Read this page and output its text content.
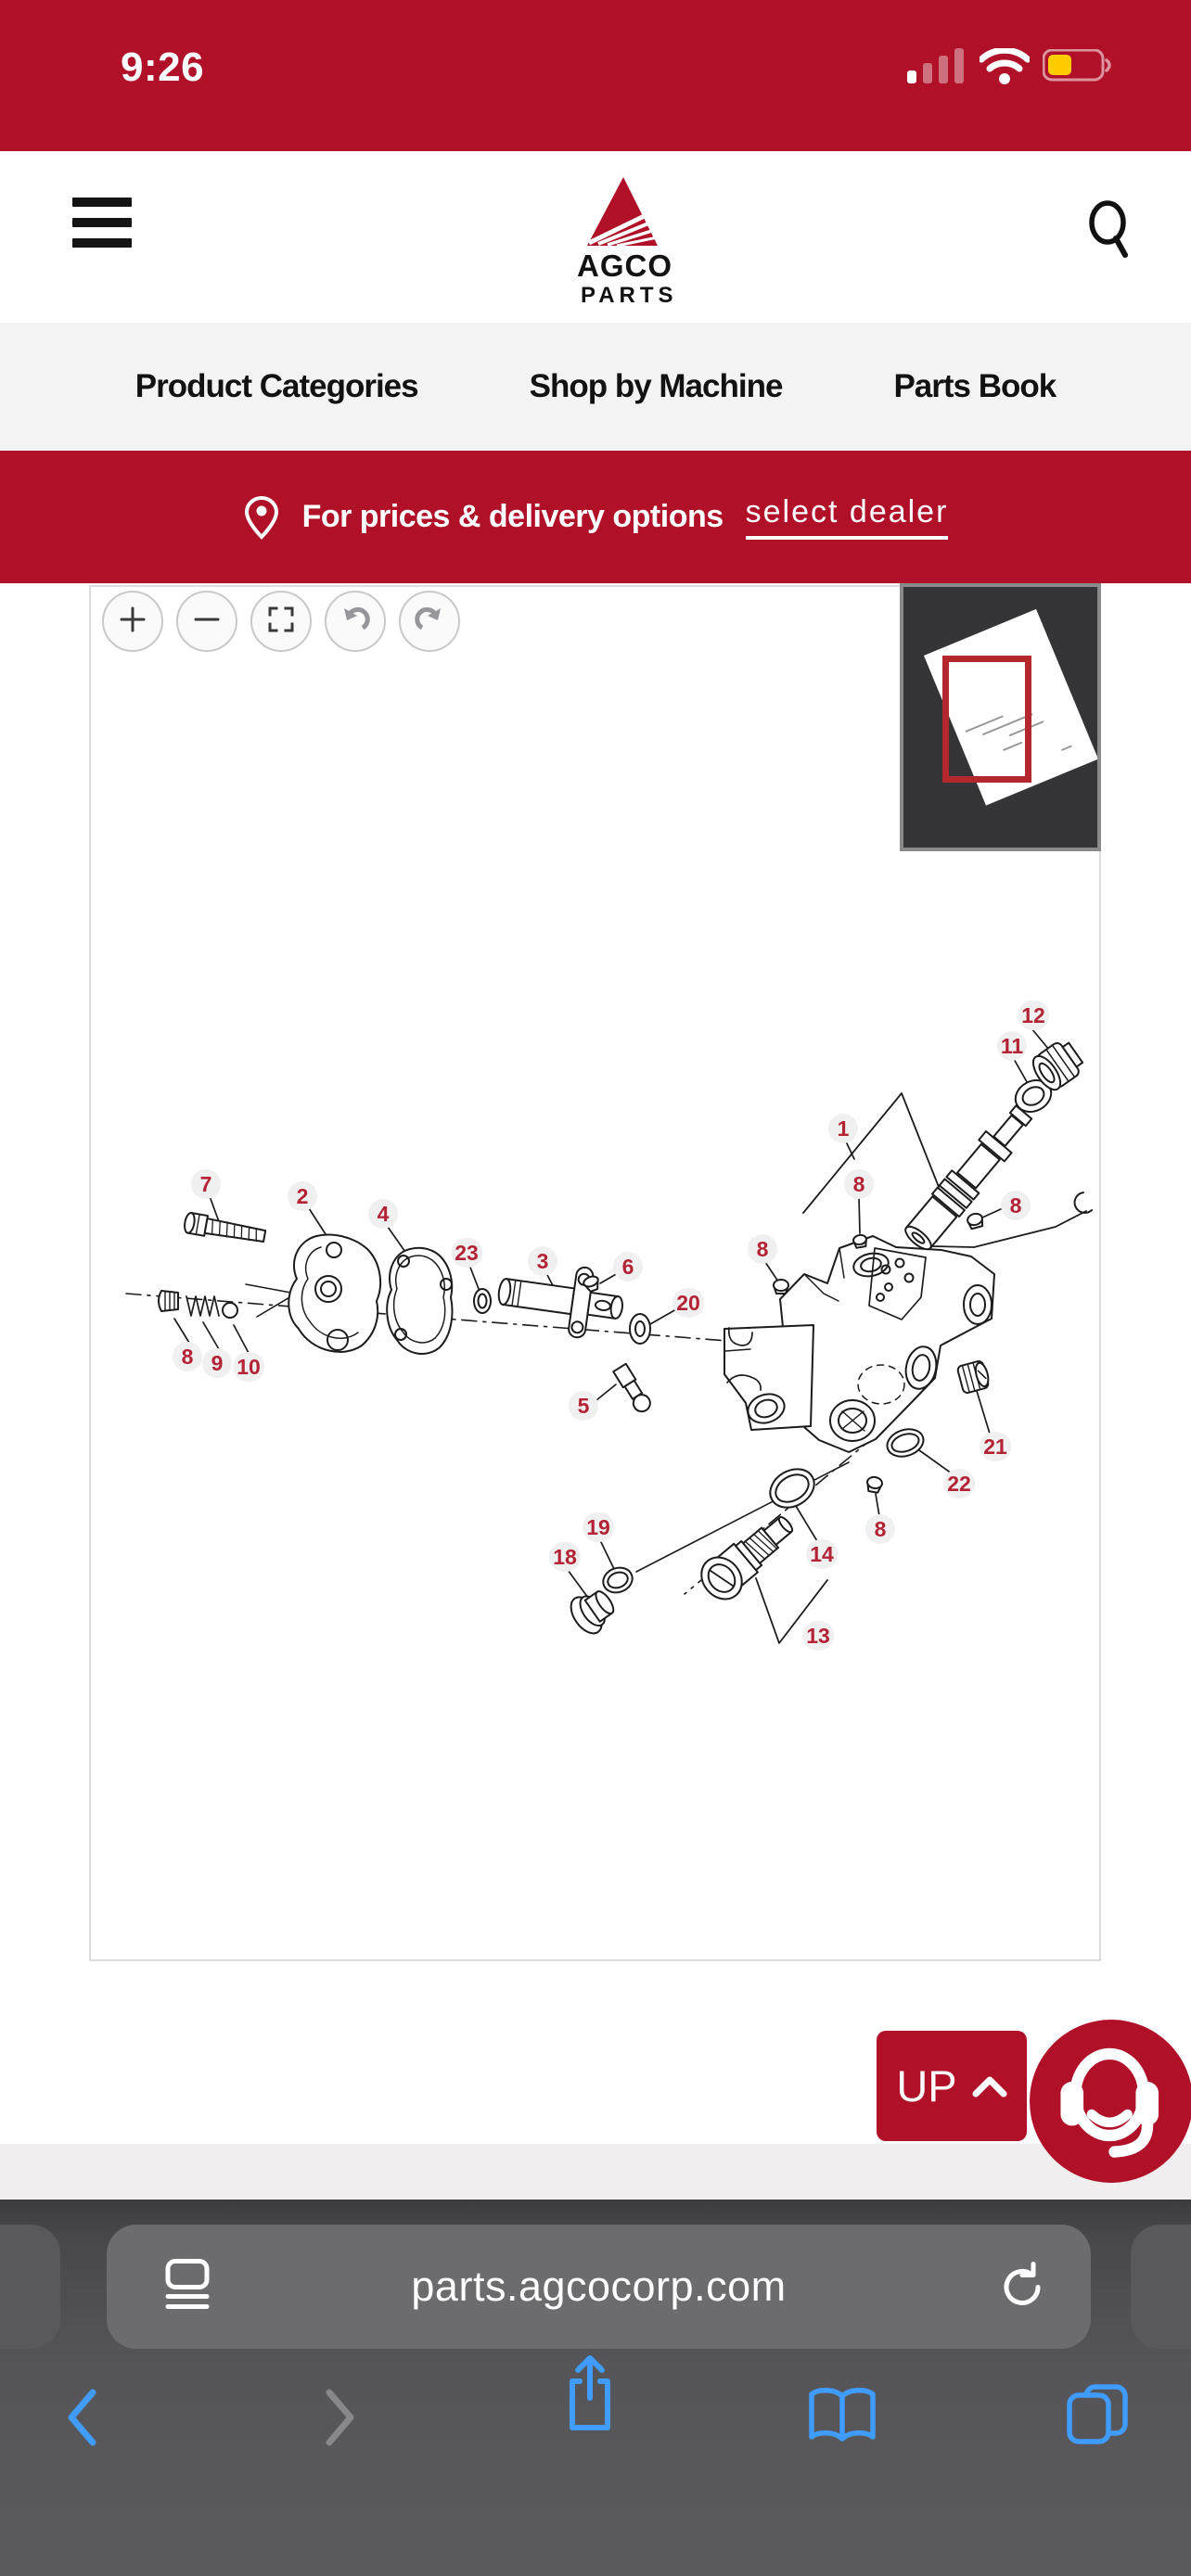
9:26
AGCO
PARTS
Product Categories	Shop by Machine	Parts Book
For prices & delivery options select dealer
7	2
4
23	3	6
20
8 9 10
5
1
8
8
8
12
11
21
22
8
14
13
19
18
UP
parts.agcocorp.com
